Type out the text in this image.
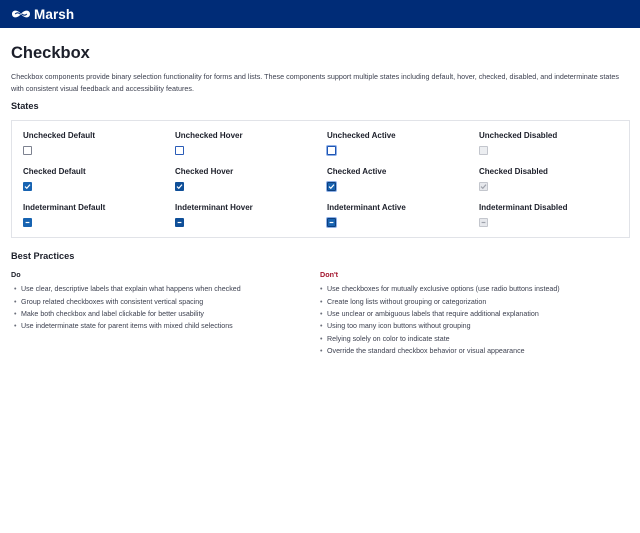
Marsh
Checkbox

Checkbox components provide binary selection functionality for forms and lists. These components support multiple states including default, hover, checked, disabled, and indeterminate states with consistent visual feedback and accessibility features.

States
Unchecked Default	Unchecked Hover	Unchecked Active	Unchecked Disabled
Checked Default	Checked Hover	Checked Active	Checked Disabled
Indeterminant Default	Indeterminant Hover	Indeterminant Active	Indeterminant Disabled
Best Practices
Do
• Use clear, descriptive labels that explain what happens when checked
• Group related checkboxes with consistent vertical spacing
• Make both checkbox and label clickable for better usability
• Use indeterminate state for parent items with mixed child selections
Don't
• Use checkboxes for mutually exclusive options (use radio buttons instead)
• Create long lists without grouping or categorization
• Use unclear or ambiguous labels that require additional explanation
• Using too many icon buttons without grouping
• Relying solely on color to indicate state
• Override the standard checkbox behavior or visual appearance
